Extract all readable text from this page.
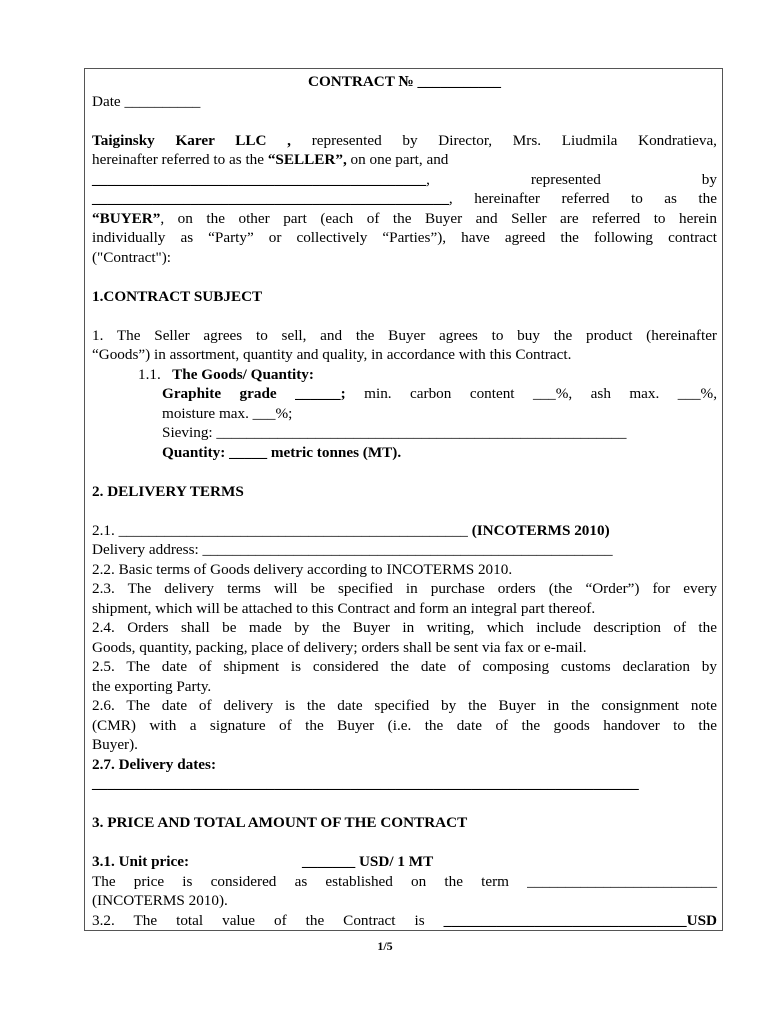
CONTRACT № ___________

Date __________

Taiginsky Karer LLC , represented by Director, Mrs. Liudmila Kondratieva,

hereinafter referred to as the “SELLER”, on one part, and

____________________________________________, represented by

_______________________________________________, hereinafter referred to as the

“BUYER”, on the other part (each of the Buyer and Seller are referred to herein

individually as “Party” or collectively “Parties”), have agreed the following contract

("Contract"):

1.CONTRACT SUBJECT

1. The Seller agrees to sell, and the Buyer agrees to buy the product (hereinafter

“Goods”) in assortment, quantity and quality, in accordance with this Contract.

1.1. The Goods/ Quantity:

Graphite grade ______; min. carbon content ___%, ash max. ___%,

moisture max. ___%;

Sieving: ______________________________________________________

Quantity: _____ metric tonnes (MT).

2. DELIVERY TERMS

2.1. ______________________________________________ (INCOTERMS 2010)

Delivery address: ______________________________________________________

2.2. Basic terms of Goods delivery according to INCOTERMS 2010.

2.3. The delivery terms will be specified in purchase orders (the “Order”) for every

shipment, which will be attached to this Contract and form an integral part thereof.

2.4. Orders shall be made by the Buyer in writing, which include description of the

Goods, quantity, packing, place of delivery; orders shall be sent via fax or e-mail.

2.5. The date of shipment is considered the date of composing customs declaration by

the exporting Party.

2.6. The date of delivery is the date specified by the Buyer in the consignment note

(CMR) with a signature of the Buyer (i.e. the date of the goods handover to the

Buyer).

2.7. Delivery dates:

________________________________________________________________________

3. PRICE AND TOTAL AMOUNT OF THE CONTRACT

3.1. Unit price:	_______ USD/ 1 MT

The price is considered as established on the term _________________________

(INCOTERMS 2010).

3.2. The total value of the Contract is ________________________________USD

1/5
